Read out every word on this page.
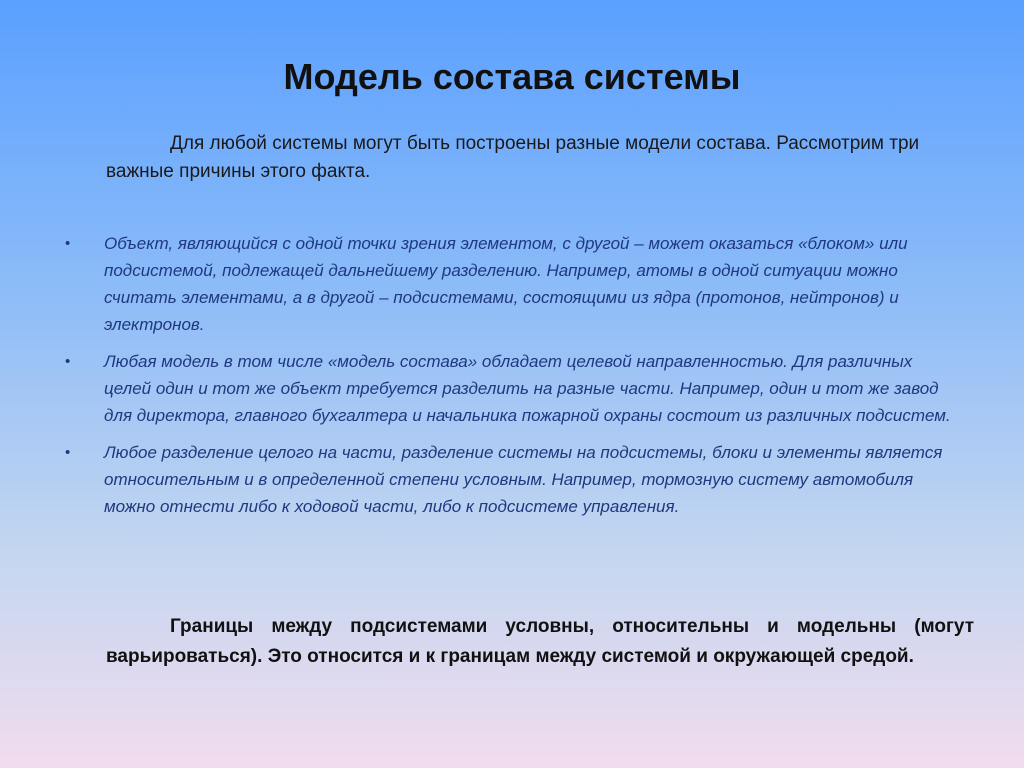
Модель состава системы

Для любой системы могут быть построены разные модели состава. Рассмотрим три важные причины этого факта.

• Объект, являющийся с одной точки зрения элементом, с другой – может оказаться «блоком» или подсистемой, подлежащей дальнейшему разделению. Например, атомы в одной ситуации можно считать элементами, а в другой – подсистемами, состоящими из ядра (протонов, нейтронов) и электронов.
• Любая модель в том числе «модель состава» обладает целевой направленностью. Для различных целей один и тот же объект требуется разделить на разные части. Например, один и тот же завод для директора, главного бухгалтера и начальника пожарной охраны состоит из различных подсистем.
• Любое разделение целого на части, разделение системы на подсистемы, блоки и элементы является относительным и в определенной степени условным. Например, тормозную систему автомобиля можно отнести либо к ходовой части, либо к подсистеме управления.

Границы между подсистемами условны, относительны и модельны (могут варьироваться). Это относится и к границам между системой и окружающей средой.
